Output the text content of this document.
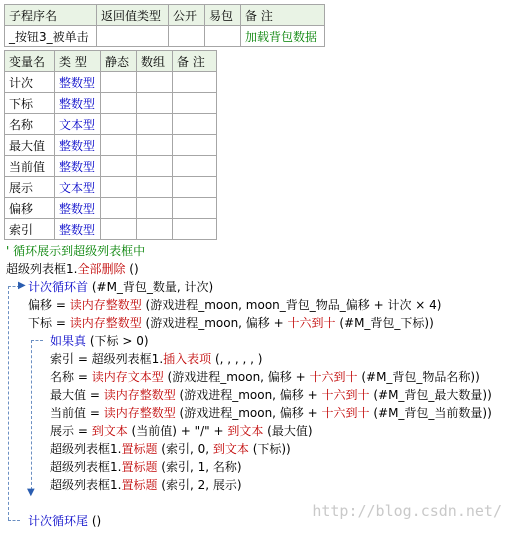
子程序名	返回值类型	公开	易包	备 注
_按钮3_被单击				加载背包数据
变量名	类 型	静态	数组	备 注
计次	整数型			
下标	整数型			
名称	文本型			
最大值	整数型			
当前值	整数型			
展示	文本型			
偏移	整数型			
索引	整数型			
▶
▼
' 循环展示到超级列表框中
超级列表框1.全部删除 ()
计次循环首 (#M_背包_数量, 计次)
偏移 = 读内存整数型 (游戏进程_moon, moon_背包_物品_偏移 + 计次 × 4)
下标 = 读内存整数型 (游戏进程_moon, 偏移 + 十六到十 (#M_背包_下标))
如果真 (下标 > 0)
索引 = 超级列表框1.插入表项 (, , , , , )
名称 = 读内存文本型 (游戏进程_moon, 偏移 + 十六到十 (#M_背包_物品名称))
最大值 = 读内存整数型 (游戏进程_moon, 偏移 + 十六到十 (#M_背包_最大数量))
当前值 = 读内存整数型 (游戏进程_moon, 偏移 + 十六到十 (#M_背包_当前数量))
展示 = 到文本 (当前值) + "/" + 到文本 (最大值)
超级列表框1.置标题 (索引, 0, 到文本 (下标))
超级列表框1.置标题 (索引, 1, 名称)
超级列表框1.置标题 (索引, 2, 展示)
计次循环尾 ()
http://blog.csdn.net/
